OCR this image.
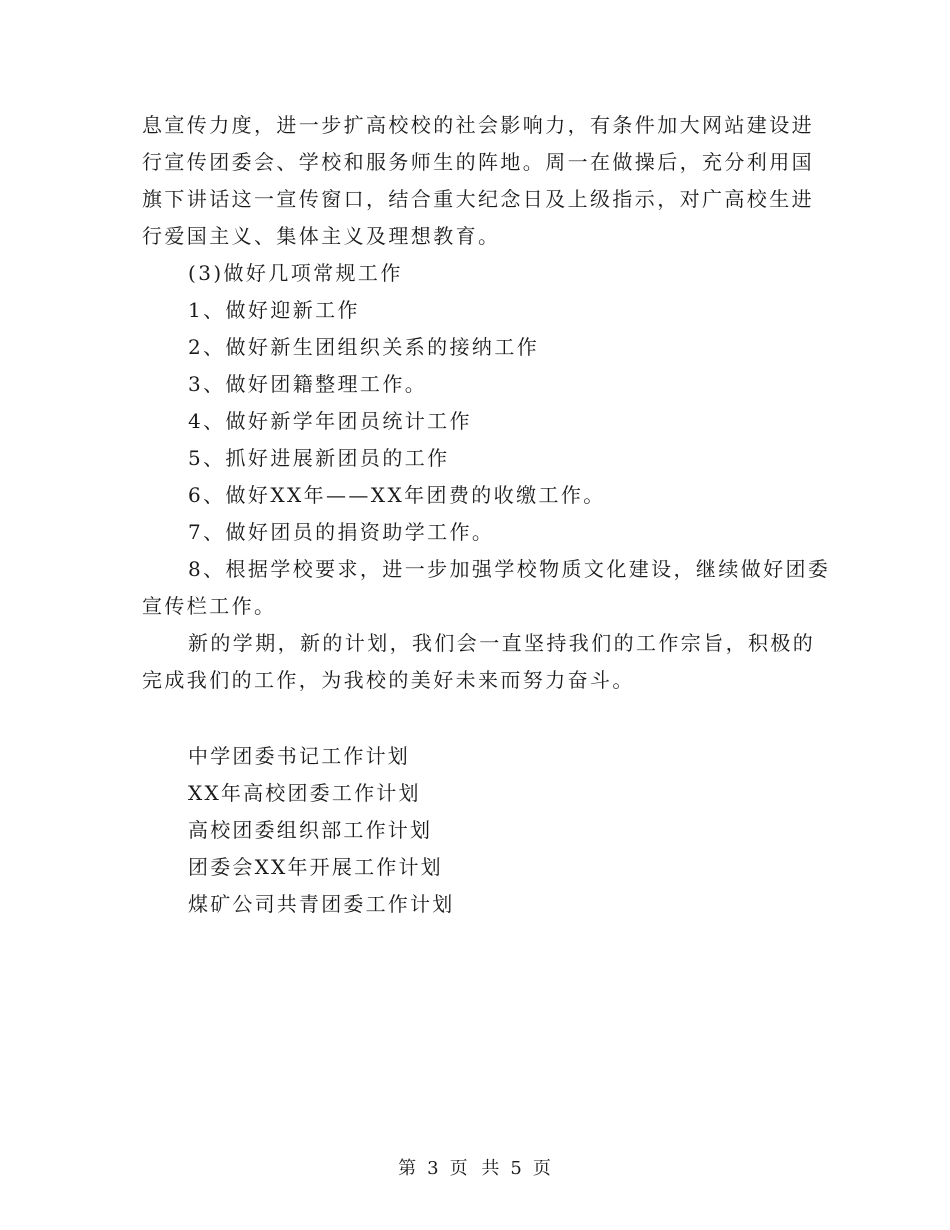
息宣传力度，进一步扩高校校的社会影响力，有条件加大网站建设进

行宣传团委会、学校和服务师生的阵地。周一在做操后，充分利用国

旗下讲话这一宣传窗口，结合重大纪念日及上级指示，对广高校生进

行爱国主义、集体主义及理想教育。

(3)做好几项常规工作

1、做好迎新工作

2、做好新生团组织关系的接纳工作

3、做好团籍整理工作。

4、做好新学年团员统计工作

5、抓好进展新团员的工作

6、做好XX年——XX年团费的收缴工作。

7、做好团员的捐资助学工作。

8、根据学校要求，进一步加强学校物质文化建设，继续做好团委

宣传栏工作。

新的学期，新的计划，我们会一直坚持我们的工作宗旨，积极的

完成我们的工作，为我校的美好未来而努力奋斗。

中学团委书记工作计划

XX年高校团委工作计划

高校团委组织部工作计划

团委会XX年开展工作计划

煤矿公司共青团委工作计划

第 3 页 共 5 页
